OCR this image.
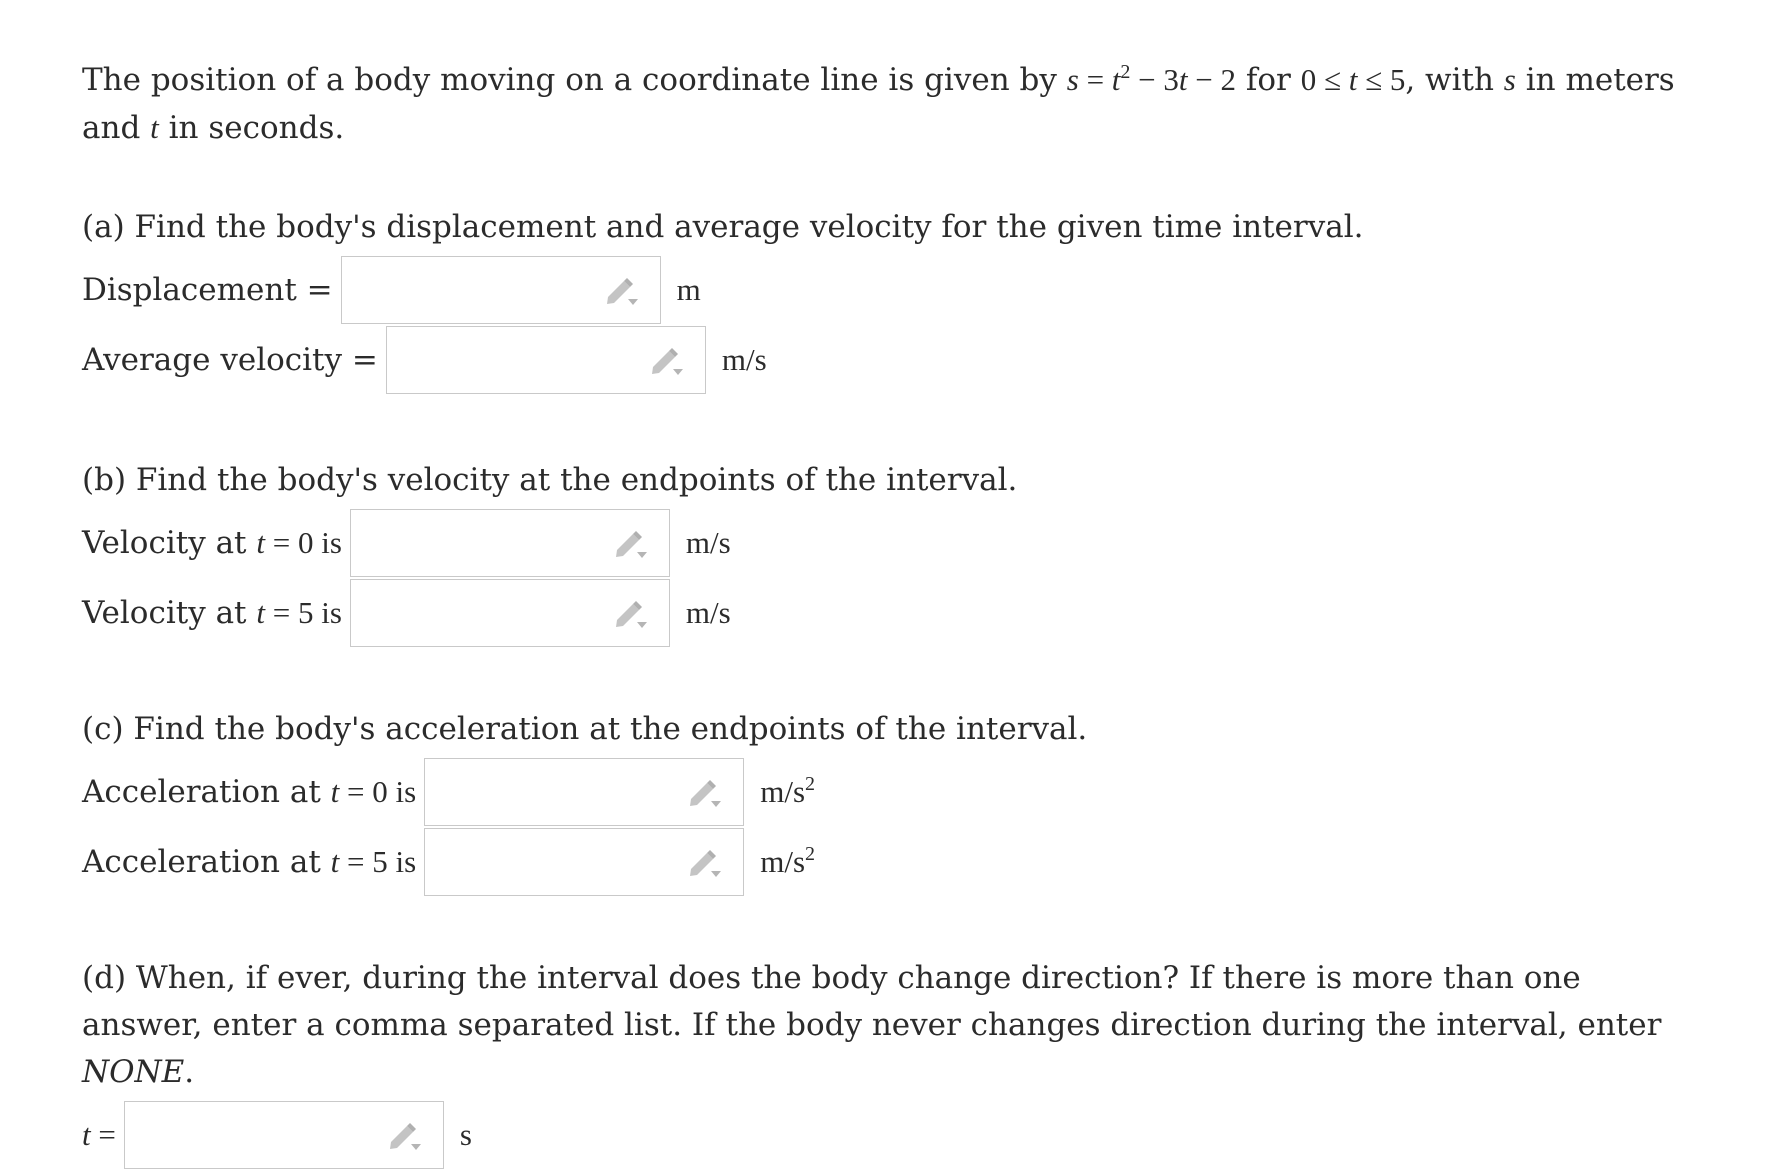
The position of a body moving on a coordinate line is given by $s = t^2 - 3t - 2$ for 0 ≤ t ≤ 5, with s in meters and t in seconds.

(a) Find the body's displacement and average velocity for the given time interval.

Displacement =	m
Average velocity =	m/s

(b) Find the body's velocity at the endpoints of the interval.

Velocity at t = 0 is	m/s
Velocity at t = 5 is	m/s

(c) Find the body's acceleration at the endpoints of the interval.

Acceleration at t = 0 is	$m/s^2$
Acceleration at t = 5 is	$m/s^2$

(d) When, if ever, during the interval does the body change direction? If there is more than one answer, enter a comma separated list. If the body never changes direction during the interval, enter NONE.

t =	s
